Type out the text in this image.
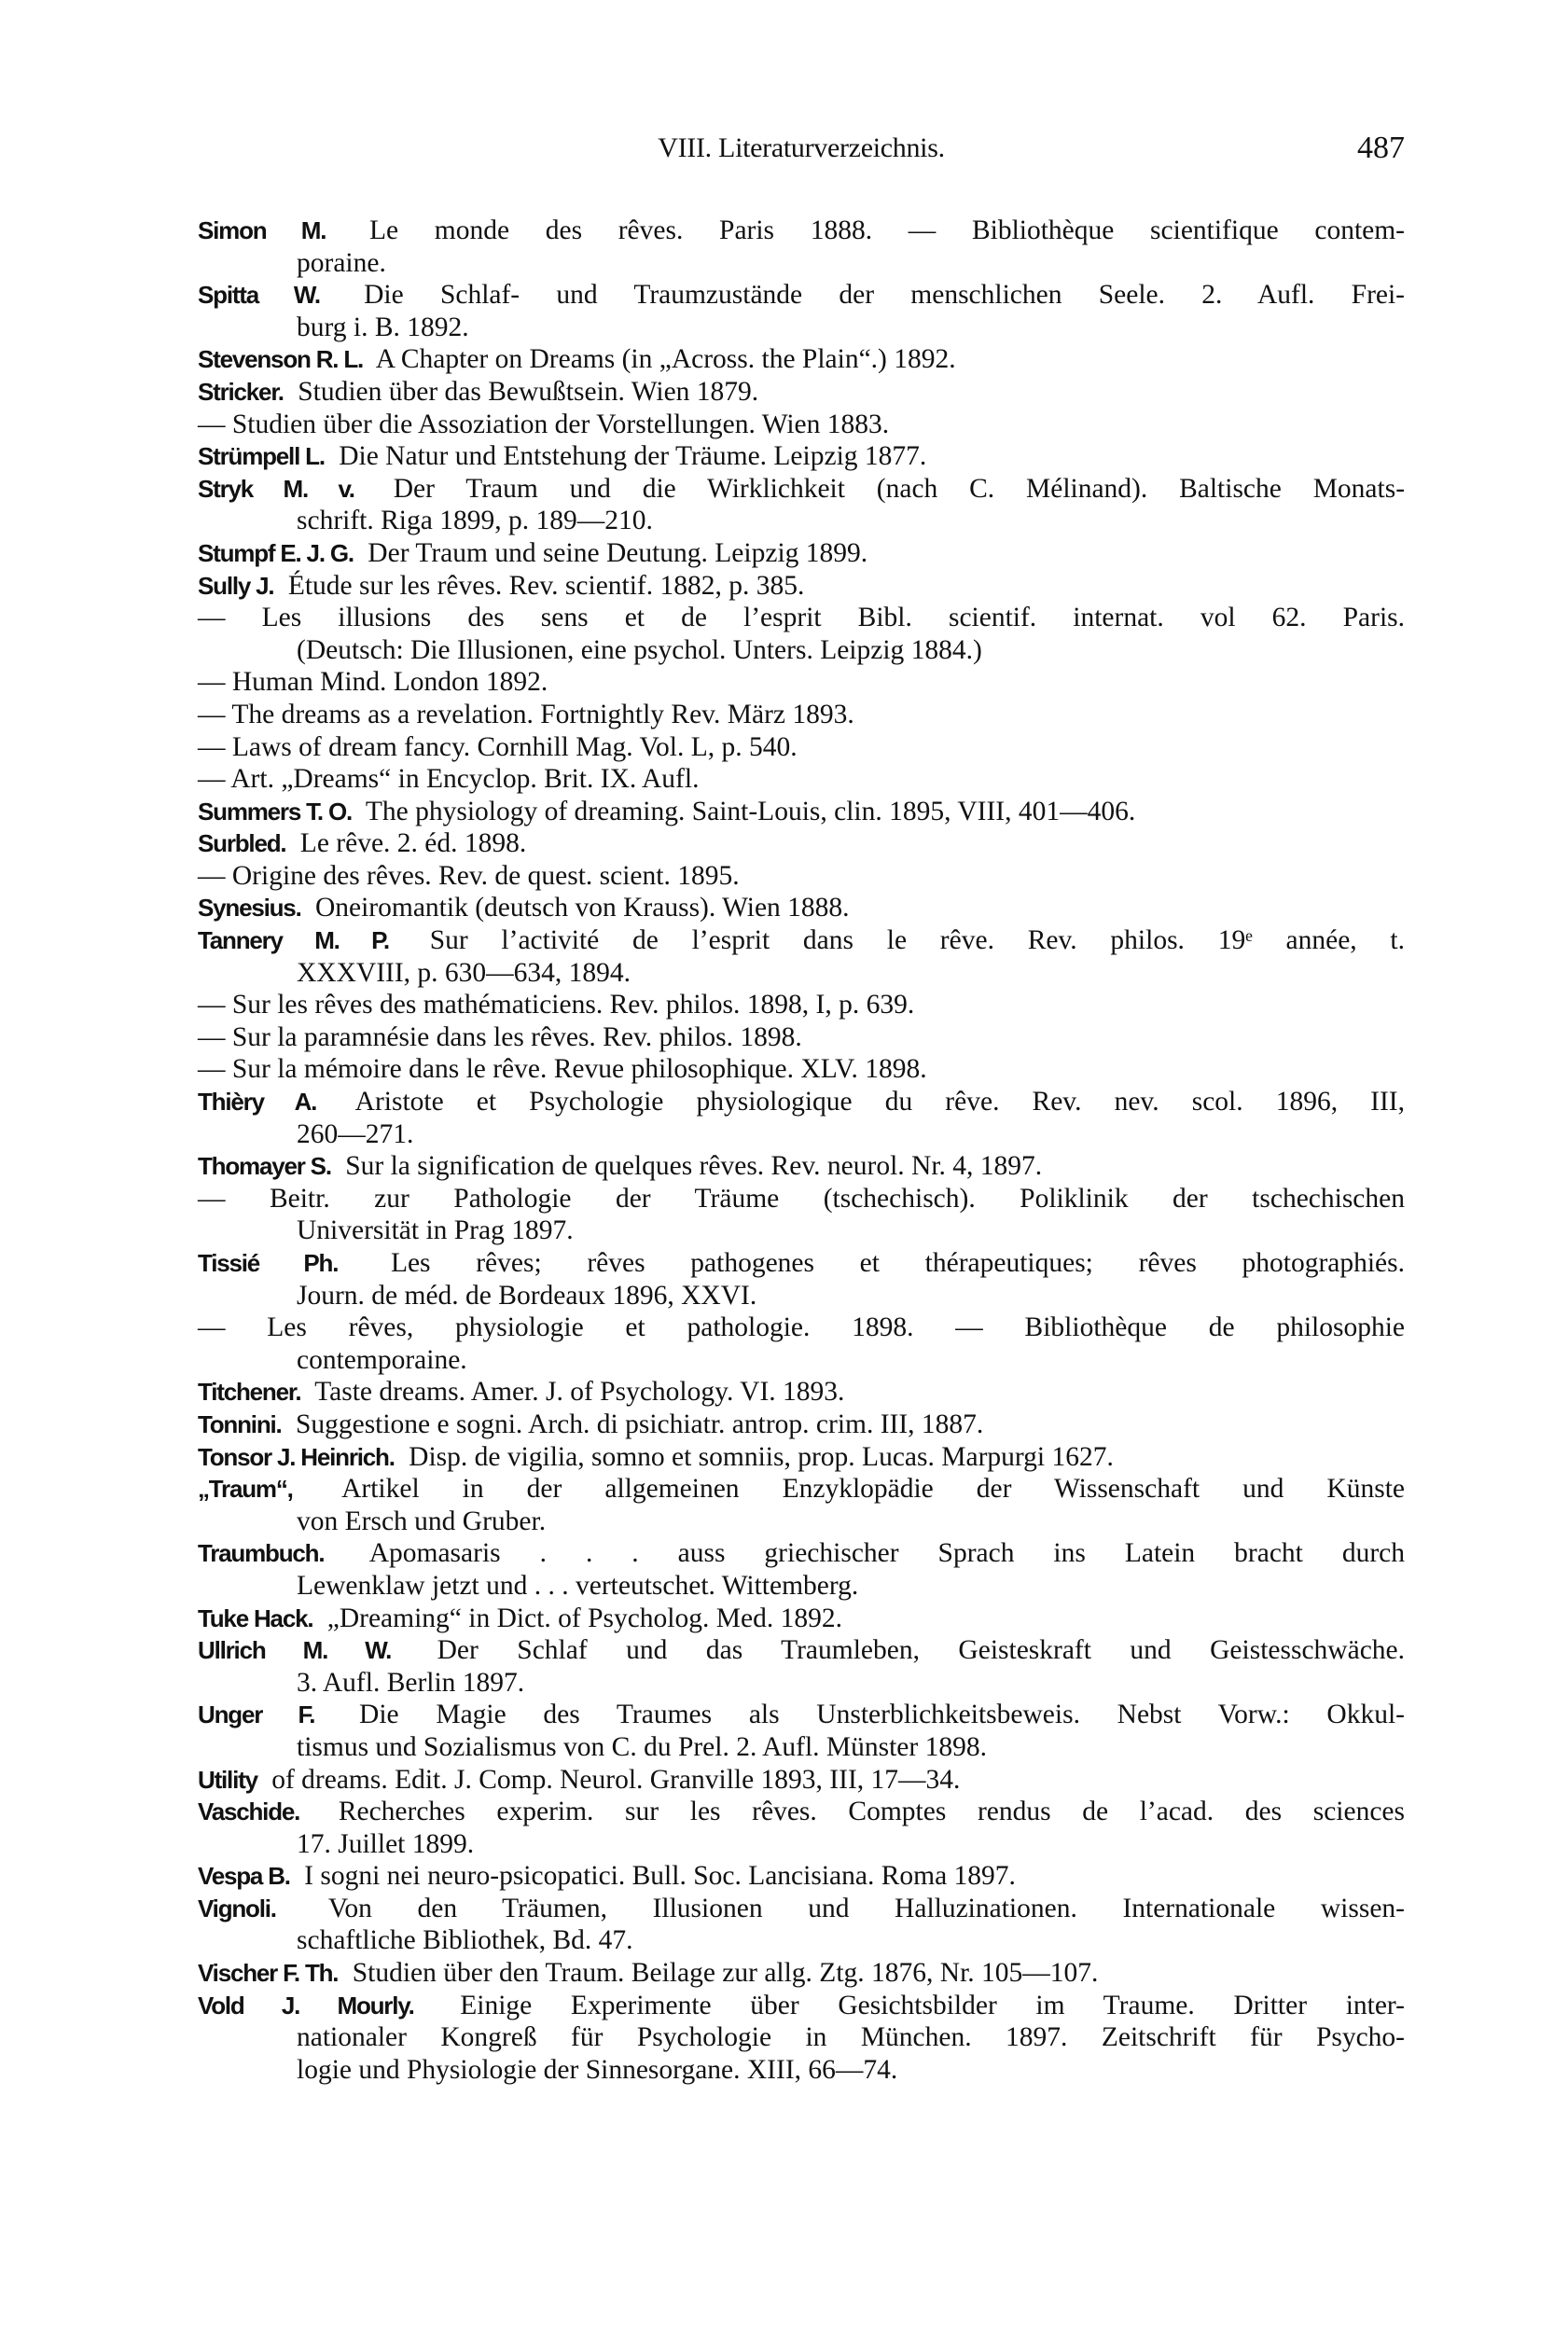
VIII. Literaturverzeichnis.	487
Simon M. Le monde des rêves. Paris 1888. — Bibliothèque scientifique contem-
poraine.
Spitta W. Die Schlaf- und Traumzustände der menschlichen Seele. 2. Aufl. Frei-
burg i. B. 1892.
Stevenson R. L. A Chapter on Dreams (in „Across. the Plain“.) 1892.
Stricker. Studien über das Bewußtsein. Wien 1879.
— Studien über die Assoziation der Vorstellungen. Wien 1883.
Strümpell L. Die Natur und Entstehung der Träume. Leipzig 1877.
Stryk M. v. Der Traum und die Wirklichkeit (nach C. Mélinand). Baltische Monats-
schrift. Riga 1899, p. 189—210.
Stumpf E. J. G. Der Traum und seine Deutung. Leipzig 1899.
Sully J. Étude sur les rêves. Rev. scientif. 1882, p. 385.
— Les illusions des sens et de l’esprit Bibl. scientif. internat. vol 62. Paris.
(Deutsch: Die Illusionen, eine psychol. Unters. Leipzig 1884.)
— Human Mind. London 1892.
— The dreams as a revelation. Fortnightly Rev. März 1893.
— Laws of dream fancy. Cornhill Mag. Vol. L, p. 540.
— Art. „Dreams“ in Encyclop. Brit. IX. Aufl.
Summers T. O. The physiology of dreaming. Saint-Louis, clin. 1895, VIII, 401—406.
Surbled. Le rêve. 2. éd. 1898.
— Origine des rêves. Rev. de quest. scient. 1895.
Synesius. Oneiromantik (deutsch von Krauss). Wien 1888.
Tannery M. P. Sur l’activité de l’esprit dans le rêve. Rev. philos. 19ᵉ année, t.
XXXVIII, p. 630—634, 1894.
— Sur les rêves des mathématiciens. Rev. philos. 1898, I, p. 639.
— Sur la paramnésie dans les rêves. Rev. philos. 1898.
— Sur la mémoire dans le rêve. Revue philosophique. XLV. 1898.
Thièry A. Aristote et Psychologie physiologique du rêve. Rev. nev. scol. 1896, III,
260—271.
Thomayer S. Sur la signification de quelques rêves. Rev. neurol. Nr. 4, 1897.
— Beitr. zur Pathologie der Träume (tschechisch). Poliklinik der tschechischen
Universität in Prag 1897.
Tissié Ph. Les rêves; rêves pathogenes et thérapeutiques; rêves photographiés.
Journ. de méd. de Bordeaux 1896, XXVI.
— Les rêves, physiologie et pathologie. 1898. — Bibliothèque de philosophie
contemporaine.
Titchener. Taste dreams. Amer. J. of Psychology. VI. 1893.
Tonnini. Suggestione e sogni. Arch. di psichiatr. antrop. crim. III, 1887.
Tonsor J. Heinrich. Disp. de vigilia, somno et somniis, prop. Lucas. Marpurgi 1627.
„Traum“, Artikel in der allgemeinen Enzyklopädie der Wissenschaft und Künste
von Ersch und Gruber.
Traumbuch. Apomasaris . . . auss griechischer Sprach ins Latein bracht durch
Lewenklaw jetzt und . . . verteutschet. Wittemberg.
Tuke Hack. „Dreaming“ in Dict. of Psycholog. Med. 1892.
Ullrich M. W. Der Schlaf und das Traumleben, Geisteskraft und Geistesschwäche.
3. Aufl. Berlin 1897.
Unger F. Die Magie des Traumes als Unsterblichkeitsbeweis. Nebst Vorw.: Okkul-
tismus und Sozialismus von C. du Prel. 2. Aufl. Münster 1898.
Utility of dreams. Edit. J. Comp. Neurol. Granville 1893, III, 17—34.
Vaschide. Recherches experim. sur les rêves. Comptes rendus de l’acad. des sciences
17. Juillet 1899.
Vespa B. I sogni nei neuro-psicopatici. Bull. Soc. Lancisiana. Roma 1897.
Vignoli. Von den Träumen, Illusionen und Halluzinationen. Internationale wissen-
schaftliche Bibliothek, Bd. 47.
Vischer F. Th. Studien über den Traum. Beilage zur allg. Ztg. 1876, Nr. 105—107.
Vold J. Mourly. Einige Experimente über Gesichtsbilder im Traume. Dritter inter-
nationaler Kongreß für Psychologie in München. 1897. Zeitschrift für Psycho-
logie und Physiologie der Sinnesorgane. XIII, 66—74.
